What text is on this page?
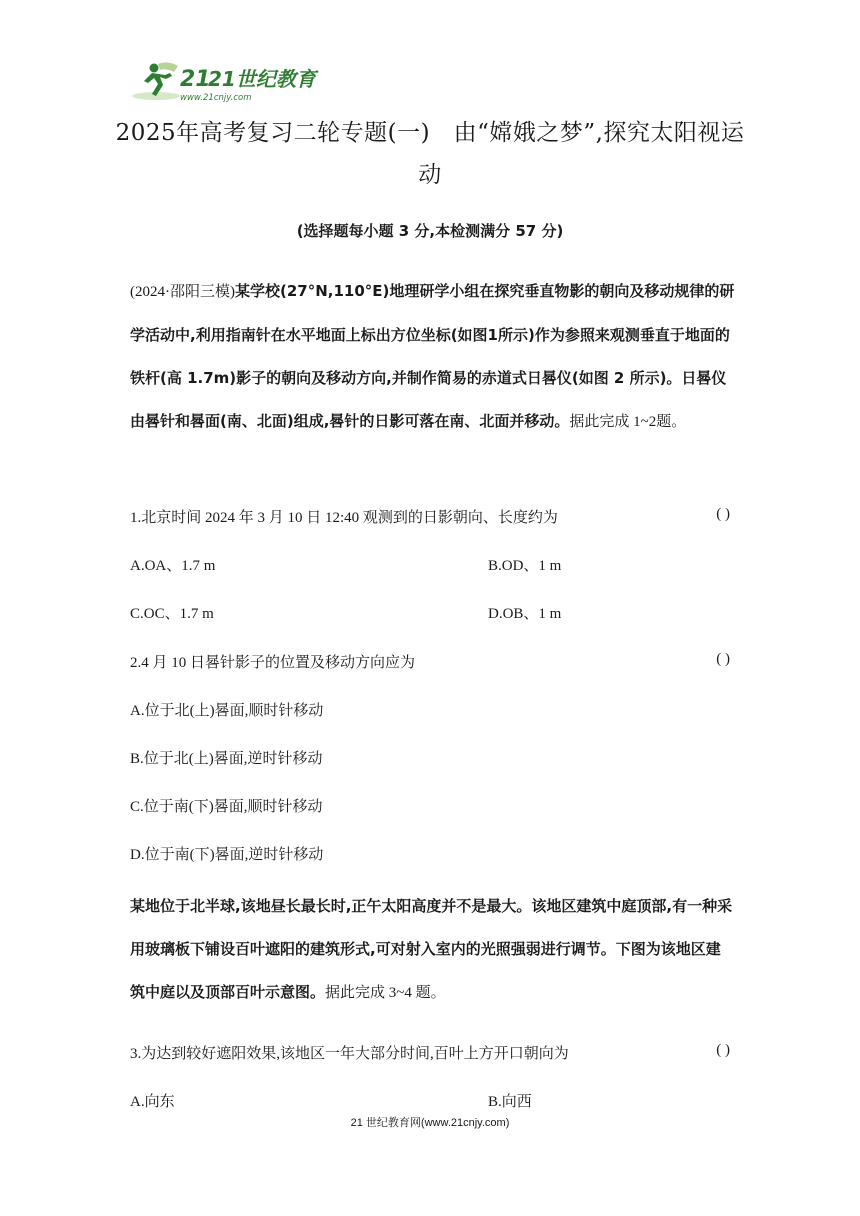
21
21世纪教育
www.21cnjy.com
2025年高考复习二轮专题(一)　由“嫦娥之梦”,探究太阳视运动
(选择题每小题 3 分,本检测满分 57 分)
(2024·邵阳三模)某学校(27°N,110°E)地理研学小组在探究垂直物影的朝向及移动规律的研学活动中,利用指南针在水平地面上标出方位坐标(如图1所示)作为参照来观测垂直于地面的铁杆(高 1.7m)影子的朝向及移动方向,并制作简易的赤道式日晷仪(如图 2 所示)。日晷仪由晷针和晷面(南、北面)组成,晷针的日影可落在南、北面并移动。据此完成 1~2题。
1.北京时间 2024 年 3 月 10 日 12:40 观测到的日影朝向、长度约为	( )
A.OA、1.7 m	B.OD、1 m
C.OC、1.7 m	D.OB、1 m
2.4 月 10 日晷针影子的位置及移动方向应为	( )
A.位于北(上)晷面,顺时针移动
B.位于北(上)晷面,逆时针移动
C.位于南(下)晷面,顺时针移动
D.位于南(下)晷面,逆时针移动
某地位于北半球,该地昼长最长时,正午太阳高度并不是最大。该地区建筑中庭顶部,有一种采用玻璃板下铺设百叶遮阳的建筑形式,可对射入室内的光照强弱进行调节。下图为该地区建筑中庭以及顶部百叶示意图。据此完成 3~4 题。
3.为达到较好遮阳效果,该地区一年大部分时间,百叶上方开口朝向为	( )
A.向东	B.向西
21 世纪教育网(www.21cnjy.com)
